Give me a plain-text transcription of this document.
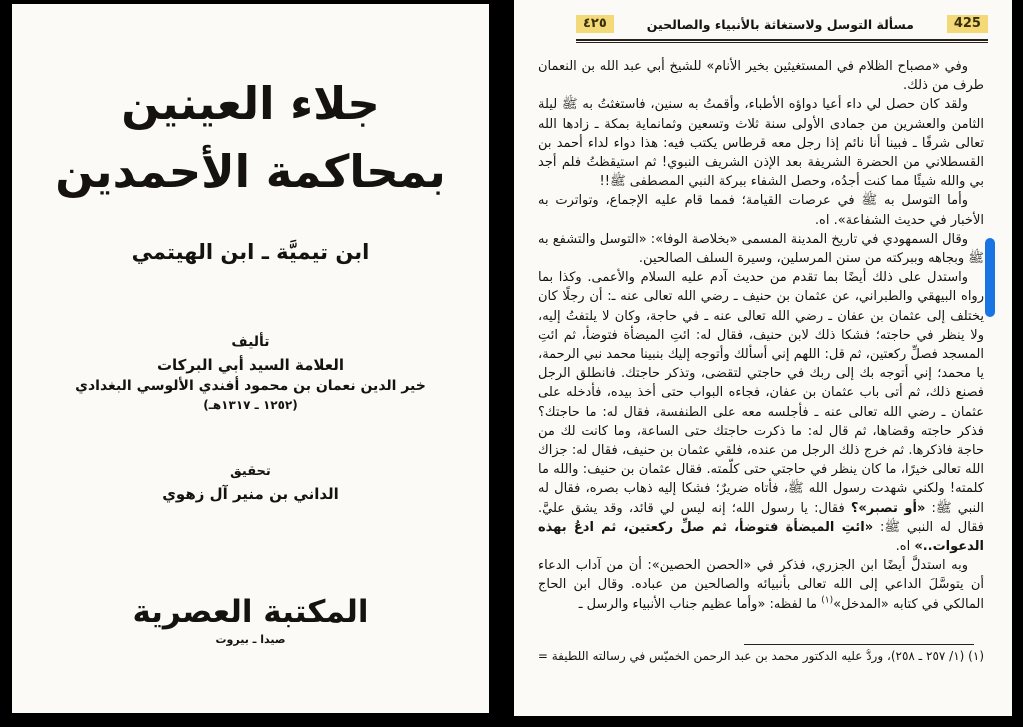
جلاء العينين
بمحاكمة الأحمدين
ابن تيميَّة ـ ابن الهيتمي
تأليف
العلامة السيد أبي البركات
خير الدين نعمان بن محمود أفندي الألوسي البغدادي
(١٢٥٢ ـ ١٣١٧هـ)
تحقيق
الداني بن منير آل زهوي
المكتبة العصرية
صيدا ـ بيروت
٤٢٥	مسألة التوسل ولاستغاثة بالأنبياء والصالحين	425

وفي «مصباح الظلام في المستغيثين بخير الأنام» للشيخ أبي عبد الله بن النعمان طرف من ذلك.

ولقد كان حصل لي داء أعيا دواؤه الأطباء، وأقمتُ به سنين، فاستغثتُ به ﷺ ليلة الثامن والعشرين من جمادى الأولى سنة ثلاث وتسعين وثمانماية بمكة ـ زادها الله تعالى شرفًا ـ فبينا أنا نائم إذا رجل معه قرطاس يكتب فيه: هذا دواء لداء أحمد بن القسطلاني من الحضرة الشريفة بعد الإذن الشريف النبوي! ثم استيقظتُ فلم أجد بي والله شيئًا مما كنت أجدُه، وحصل الشفاء ببركة النبي المصطفى ﷺ!!

وأما التوسل به ﷺ في عرصات القيامة؛ فمما قام عليه الإجماع، وتواترت به الأخبار في حديث الشفاعة». اه.

وقال السمهودي في تاريخ المدينة المسمى «بخلاصة الوفا»: «التوسل والتشفع به ﷺ وبجاهه وببركته من سنن المرسلين، وسيرة السلف الصالحين.

واستدل على ذلك أيضًا بما تقدم من حديث آدم عليه السلام والأعمى. وكذا بما رواه البيهقي والطبراني، عن عثمان بن حنيف ـ رضي الله تعالى عنه ـ: أن رجلًا كان يختلف إلى عثمان بن عفان ـ رضي الله تعالى عنه ـ في حاجة، وكان لا يلتفتُ إليه، ولا ينظر في حاجته؛ فشكا ذلك لابن حنيف، فقال له: ائتِ الميضأة فتوضأ، ثم ائتِ المسجد فصلِّ ركعتين، ثم قل: اللهم إني أسألك وأتوجه إليك بنبينا محمد نبي الرحمة، يا محمد؛ إني أتوجه بك إلى ربك في حاجتي لتقضى، وتذكر حاجتك. فانطلق الرجل فصنع ذلك، ثم أتى باب عثمان بن عفان، فجاءه البواب حتى أخذ بيده، فأدخله على عثمان ـ رضي الله تعالى عنه ـ فأجلسه معه على الطنفسة، فقال له: ما حاجتك؟ فذكر حاجته وقضاها، ثم قال له: ما ذكرت حاجتك حتى الساعة، وما كانت لك من حاجة فاذكرها. ثم خرج ذلك الرجل من عنده، فلقي عثمان بن حنيف، فقال له: جزاك الله تعالى خيرًا، ما كان ينظر في حاجتي حتى كلّمته. فقال عثمان بن حنيف: والله ما كلمته! ولكني شهدت رسول الله ﷺ، فأتاه ضريرٌ؛ فشكا إليه ذهاب بصره، فقال له النبي ﷺ: «أو تصبر»؟ فقال: يا رسول الله؛ إنه ليس لي قائد، وقد يشق عليَّ. فقال له النبي ﷺ: «ائتِ الميضأة فتوضأ، ثم صلِّ ركعتين، ثم ادعُ بهذه الدعوات..» اه.

وبه استدلَّ أيضًا ابن الجزري، فذكر في «الحصن الحصين»: أن من آداب الدعاء أن يتوسَّلَ الداعي إلى الله تعالى بأنبيائه والصالحين من عباده. وقال ابن الحاج المالكي في كتابه «المدخل»$^{(١)}$ ما لفظه: «وأما عظيم جناب الأنبياء والرسل ـ

(١) (١/ ٢٥٧ ـ ٢٥٨)، وردُّ عليه الدكتور محمد بن عبد الرحمن الخميّس في رسالته اللطيفة =
